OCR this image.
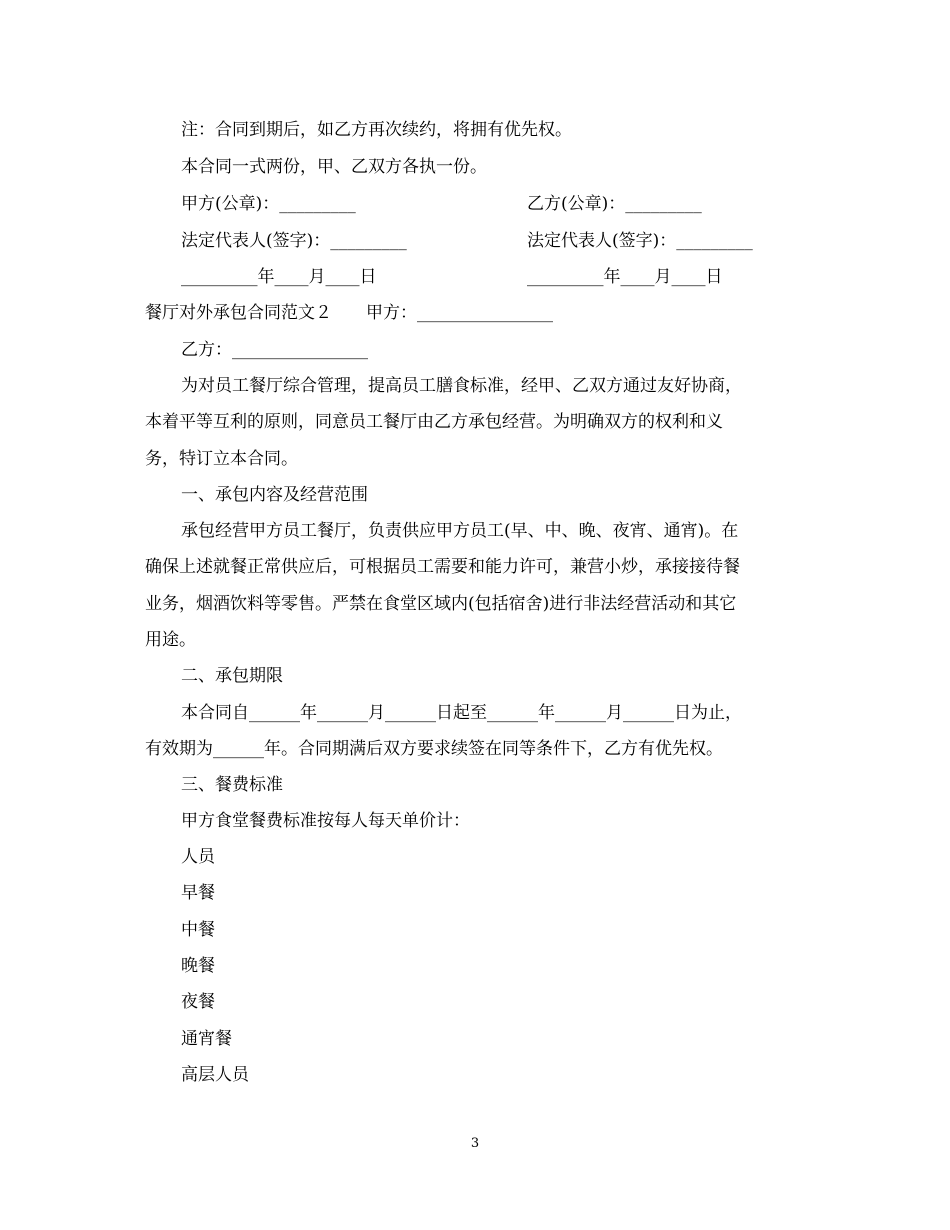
注：合同到期后，如乙方再次续约，将拥有优先权。
本合同一式两份，甲、乙双方各执一份。
甲方(公章)：_________	乙方(公章)：_________
法定代表人(签字)：_________	法定代表人(签字)：_________
_________年____月____日	_________年____月____日
餐厅对外承包合同范文２　　甲方：________________
乙方：________________
为对员工餐厅综合管理，提高员工膳食标准，经甲、乙双方通过友好协商，
本着平等互利的原则，同意员工餐厅由乙方承包经营。为明确双方的权利和义
务，特订立本合同。
一、承包内容及经营范围
承包经营甲方员工餐厅，负责供应甲方员工(早、中、晚、夜宵、通宵)。在
确保上述就餐正常供应后，可根据员工需要和能力许可，兼营小炒，承接接待餐
业务，烟酒饮料等零售。严禁在食堂区域内(包括宿舍)进行非法经营活动和其它
用途。
二、承包期限
本合同自______年______月______日起至______年______月______日为止，
有效期为______年。合同期满后双方要求续签在同等条件下，乙方有优先权。
三、餐费标准
甲方食堂餐费标准按每人每天单价计：
人员
早餐
中餐
晚餐
夜餐
通宵餐
高层人员
3
